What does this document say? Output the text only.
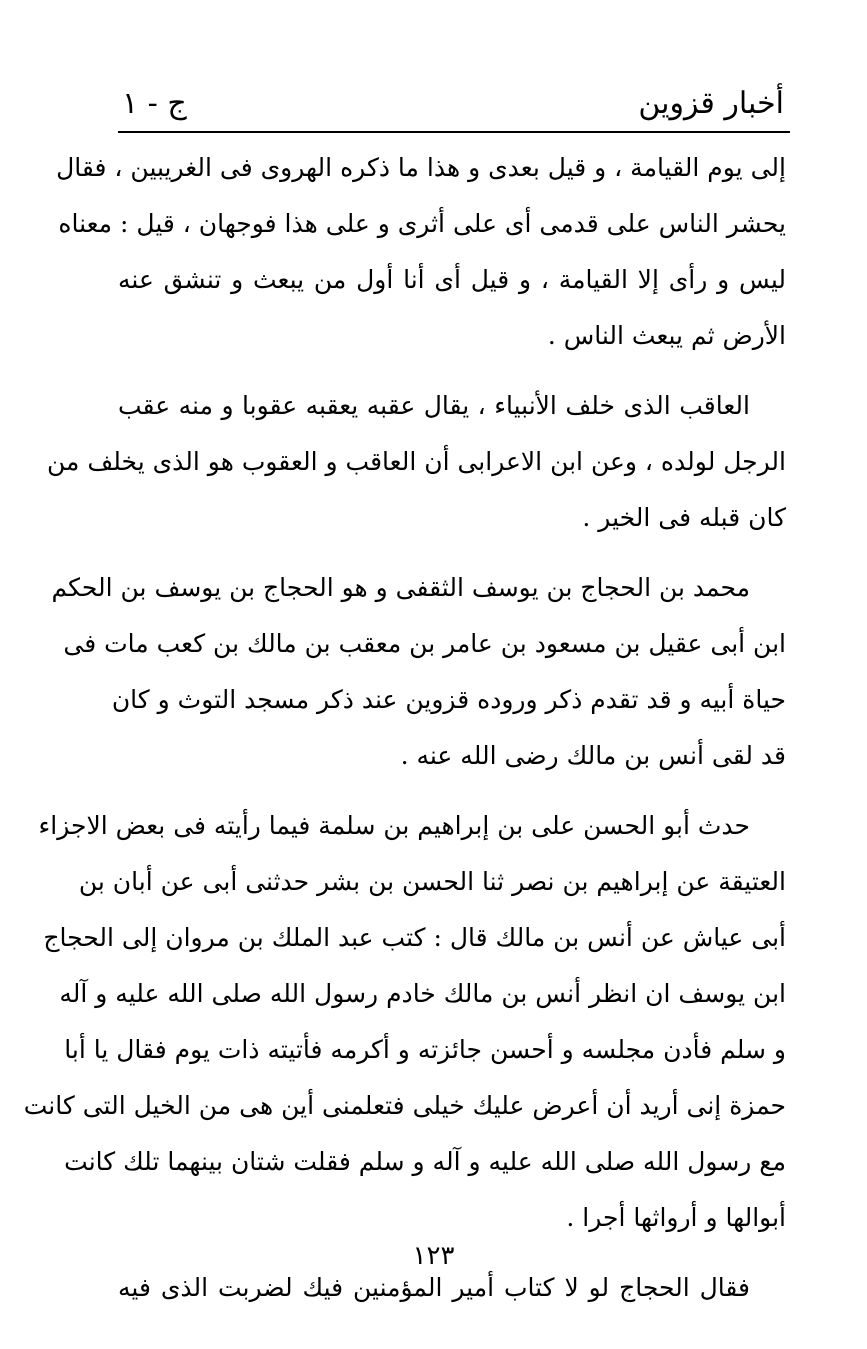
أخبار قزوين
ج - ١
إلى يوم القيامة ، و قيل بعدى و هذا ما ذكره الهروى فى الغريبين ، فقال
يحشر الناس على قدمى أى على أثرى و على هذا فوجهان ، قيل : معناه
ليس و رأى إلا القيامة ، و قيل أى أنا أول من يبعث و تنشق عنه
الأرض ثم يبعث الناس .
العاقب الذى خلف الأنبياء ، يقال عقبه يعقبه عقوبا و منه عقب
الرجل لولده ، وعن ابن الاعرابى أن العاقب و العقوب هو الذى يخلف من
كان قبله فى الخير .
محمد بن الحجاج بن يوسف الثقفى و هو الحجاج بن يوسف بن الحكم
ابن أبى عقيل بن مسعود بن عامر بن معقب بن مالك بن كعب مات فى
حياة أبيه و قد تقدم ذكر وروده قزوين عند ذكر مسجد التوث و كان
قد لقى أنس بن مالك رضى الله عنه .
حدث أبو الحسن على بن إبراهيم بن سلمة فيما رأيته فى بعض الاجزاء
العتيقة عن إبراهيم بن نصر ثنا الحسن بن بشر حدثنى أبى عن أبان بن
أبى عياش عن أنس بن مالك قال : كتب عبد الملك بن مروان إلى الحجاج
ابن يوسف ان انظر أنس بن مالك خادم رسول الله صلى الله عليه و آله
و سلم فأدن مجلسه و أحسن جائزته و أكرمه فأتيته ذات يوم فقال يا أبا
حمزة إنى أريد أن أعرض عليك خيلى فتعلمنى أين هى من الخيل التى كانت
مع رسول الله صلى الله عليه و آله و سلم فقلت شتان بينهما تلك كانت
أبوالها و أرواثها أجرا .
فقال الحجاج لو لا كتاب أمير المؤمنين فيك لضربت الذى فيه
١٢٣
